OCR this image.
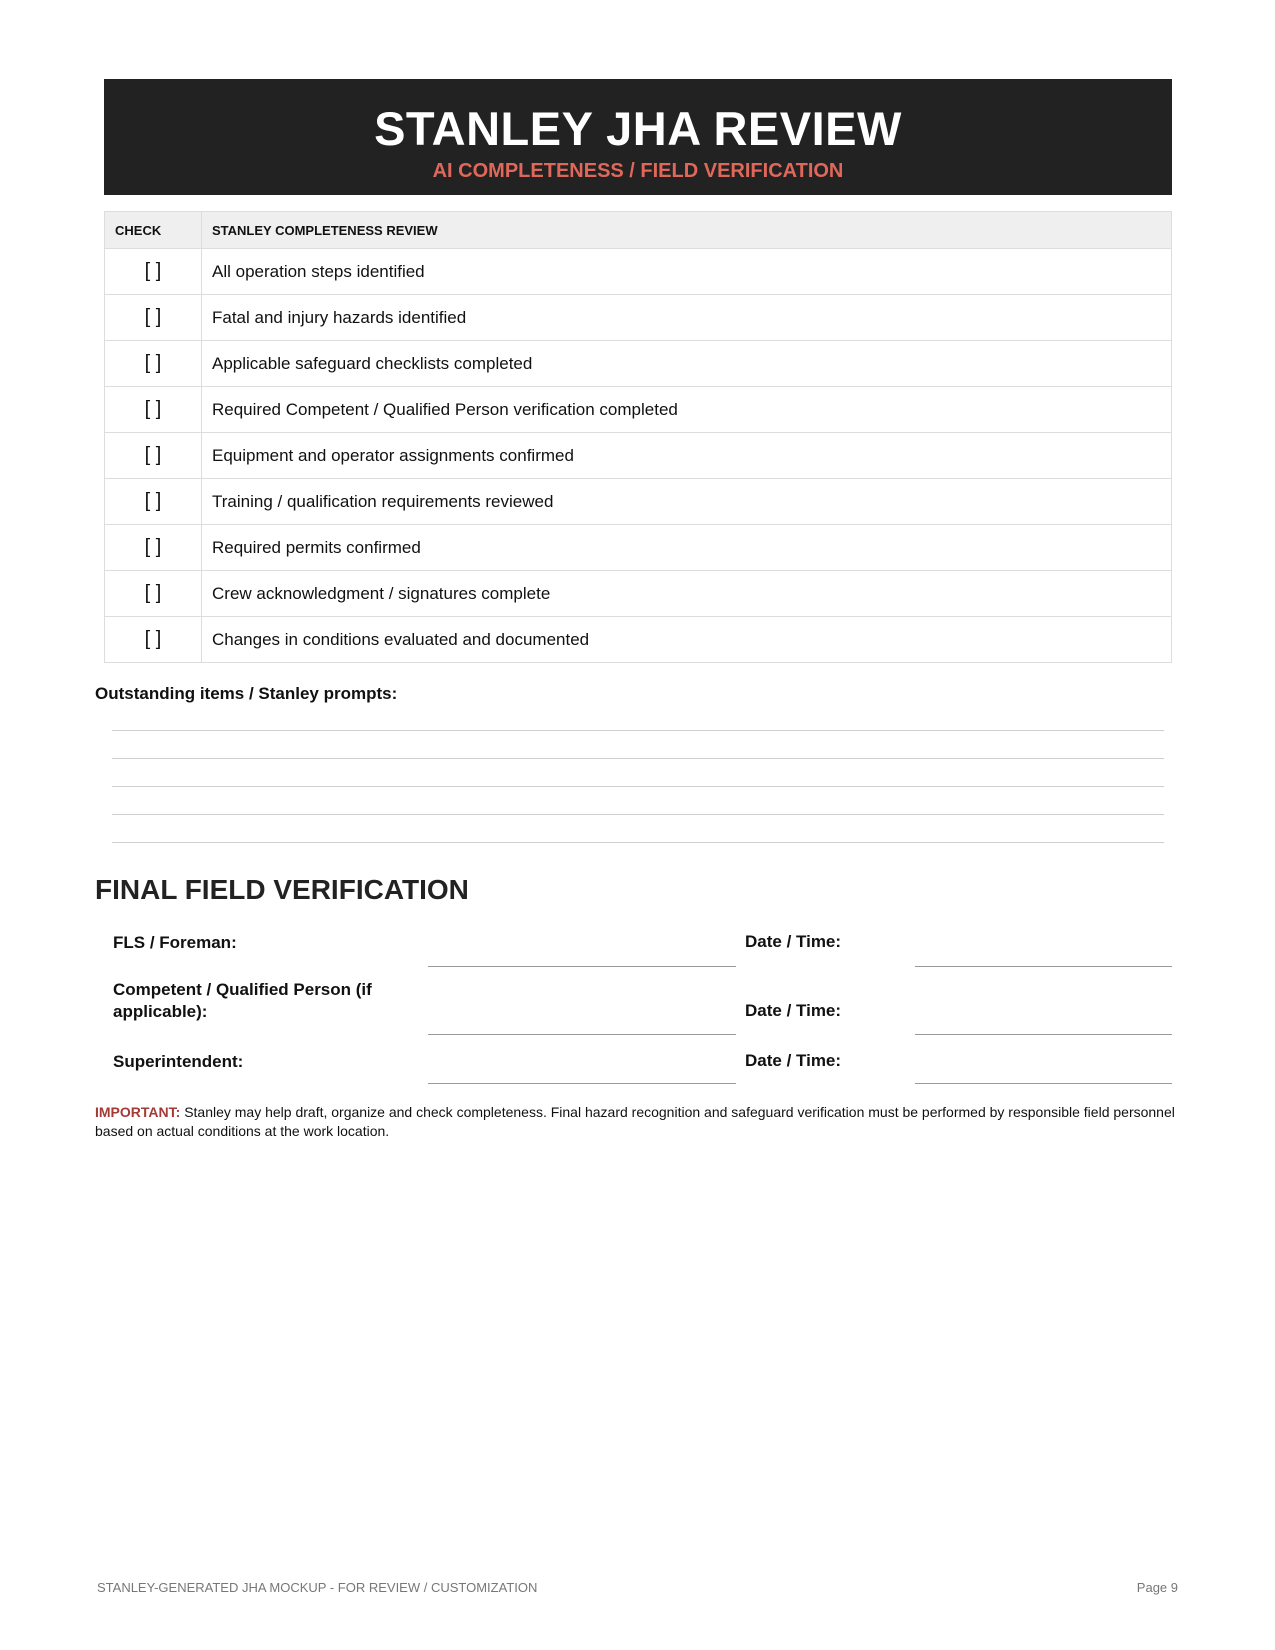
STANLEY JHA REVIEW
AI COMPLETENESS / FIELD VERIFICATION
CHECK	STANLEY COMPLETENESS REVIEW
[ ]	All operation steps identified
[ ]	Fatal and injury hazards identified
[ ]	Applicable safeguard checklists completed
[ ]	Required Competent / Qualified Person verification completed
[ ]	Equipment and operator assignments confirmed
[ ]	Training / qualification requirements reviewed
[ ]	Required permits confirmed
[ ]	Crew acknowledgment / signatures complete
[ ]	Changes in conditions evaluated and documented
Outstanding items / Stanley prompts:
FINAL FIELD VERIFICATION
FLS / Foreman:	Date / Time:
Competent / Qualified Person (if applicable):	Date / Time:
Superintendent:	Date / Time:
IMPORTANT: Stanley may help draft, organize and check completeness. Final hazard recognition and safeguard verification must be performed by responsible field personnel based on actual conditions at the work location.
STANLEY-GENERATED JHA MOCKUP - FOR REVIEW / CUSTOMIZATION	Page 9
